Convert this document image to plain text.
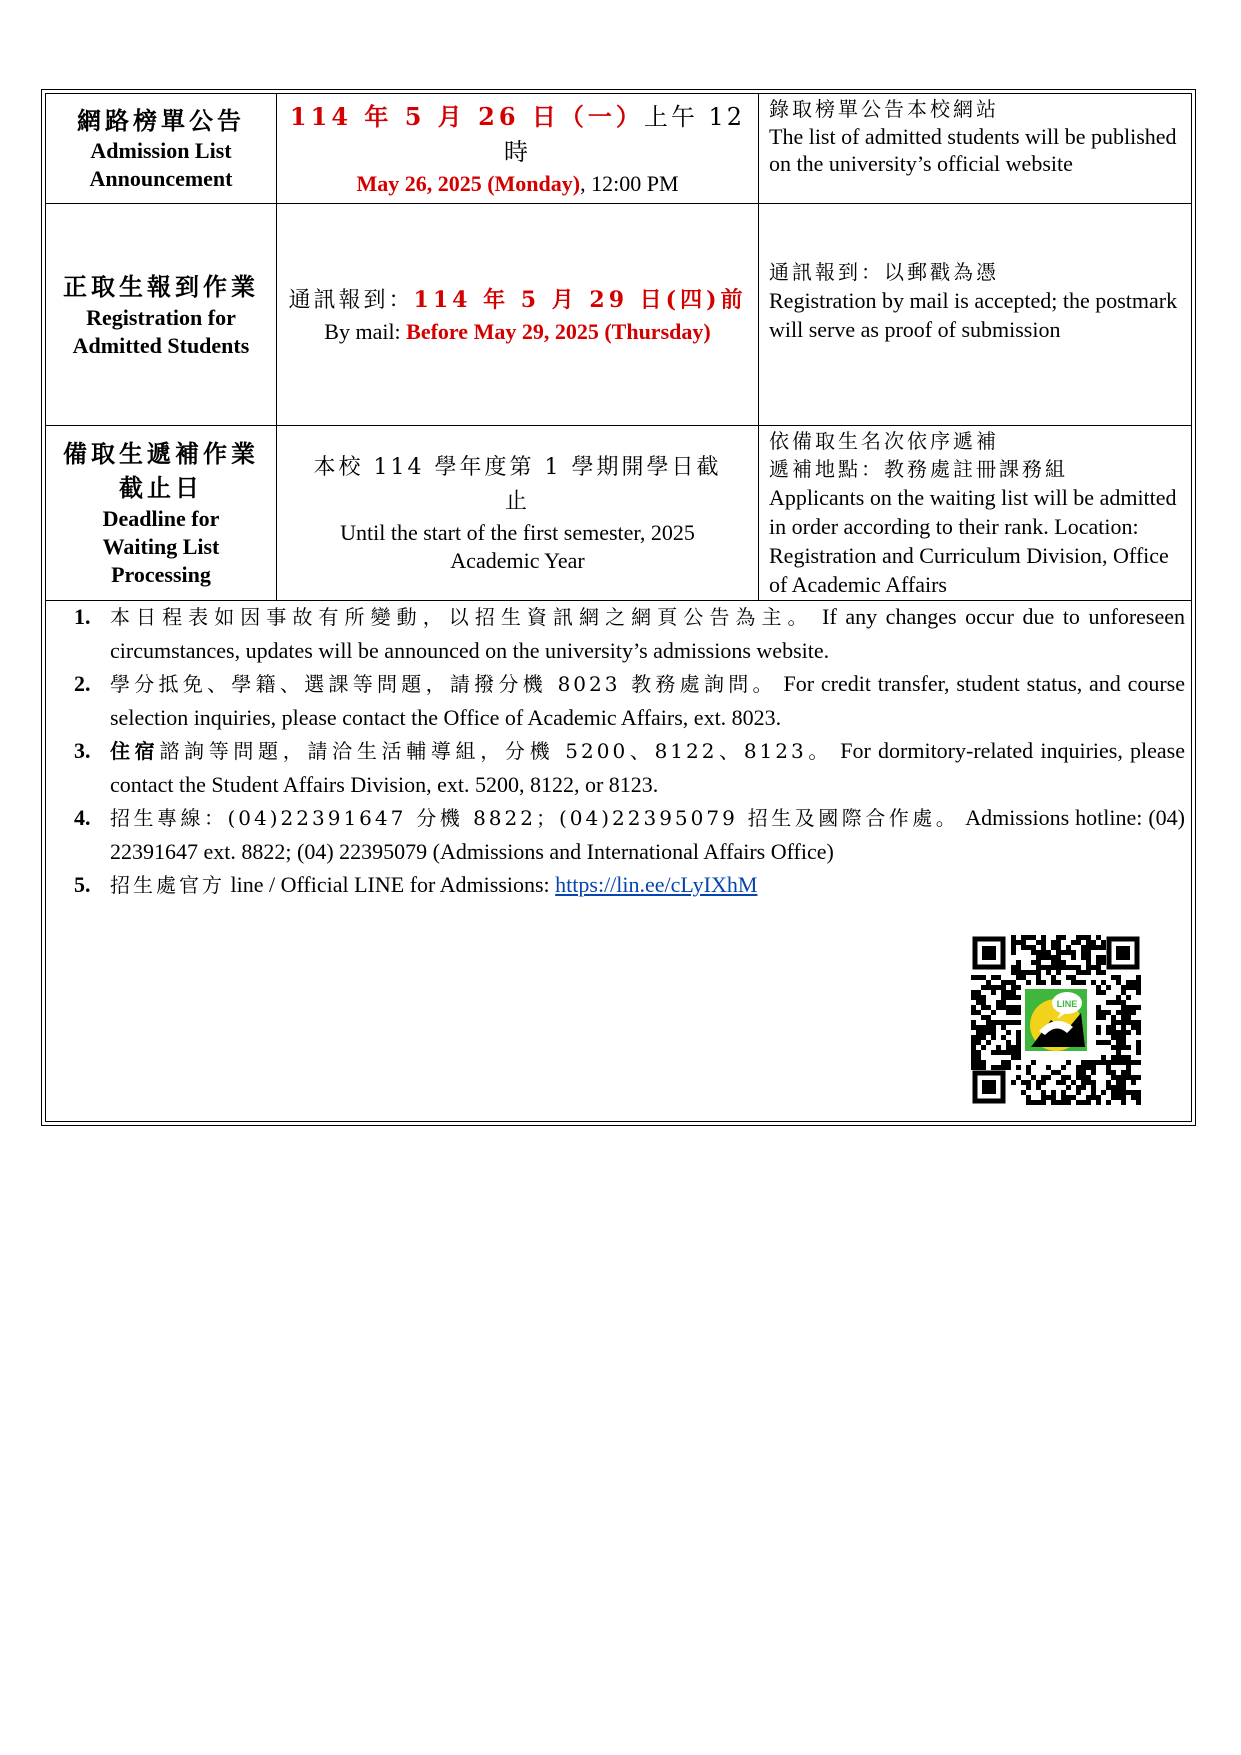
網路榜單公告
Admission List
Announcement
114 年 5 月 26 日（一）上午 12 時
May 26, 2025 (Monday), 12:00 PM
錄取榜單公告本校網站
The list of admitted students will be published on the university’s official website
正取生報到作業
Registration for
Admitted Students
通訊報到：114 年 5 月 29 日(四)前
By mail: Before May 29, 2025 (Thursday)
通訊報到：以郵戳為憑
Registration by mail is accepted; the postmark will serve as proof of submission
備取生遞補作業
截止日
Deadline for
Waiting List
Processing
本校 114 學年度第 1 學期開學日截止
Until the start of the first semester, 2025 Academic Year
依備取生名次依序遞補
遞補地點：教務處註冊課務組
Applicants on the waiting list will be admitted in order according to their rank. Location: Registration and Curriculum Division, Office of Academic Affairs
1. 本日程表如因事故有所變動，以招生資訊網之網頁公告為主。 If any changes occur due to unforeseen circumstances, updates will be announced on the university’s admissions website.
2. 學分抵免、學籍、選課等問題，請撥分機 8023 教務處詢問。 For credit transfer, student status, and course selection inquiries, please contact the Office of Academic Affairs, ext. 8023.
3. 住宿諮詢等問題，請洽生活輔導組，分機 5200、8122、8123。 For dormitory-related inquiries, please contact the Student Affairs Division, ext. 5200, 8122, or 8123.
4. 招生專線：(04)22391647 分機 8822；(04)22395079 招生及國際合作處。 Admissions hotline: (04) 22391647 ext. 8822; (04) 22395079 (Admissions and International Affairs Office)
5. 招生處官方 line / Official LINE for Admissions: https://lin.ee/cLyIXhM
LINE
